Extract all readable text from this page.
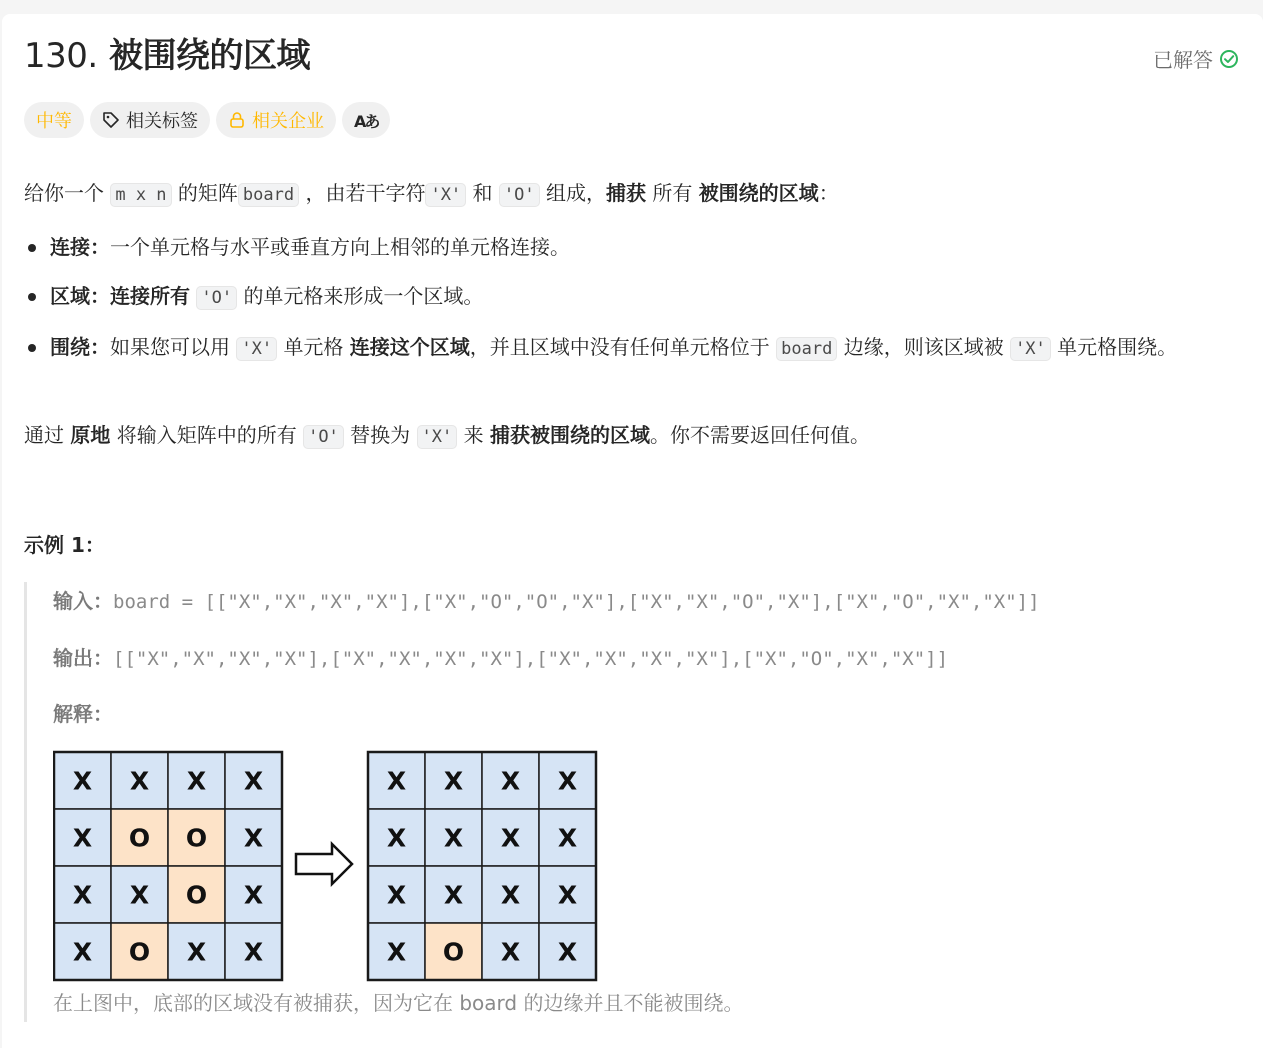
130. 被围绕的区域	已解答
中等	相关标签	相关企业 Aあ
给你一个 m x n 的矩阵 board ，由若干字符 'X' 和 'O' 组成，捕获 所有 被围绕的区域：
连接：一个单元格与水平或垂直方向上相邻的单元格连接。
区域：连接所有 'O' 的单元格来形成一个区域。
围绕：如果您可以用 'X' 单元格 连接这个区域，并且区域中没有任何单元格位于 board 边缘，则该区域被 'X' 单元格围绕。
通过 原地 将输入矩阵中的所有 'O' 替换为 'X' 来 捕获被围绕的区域。你不需要返回任何值。
示例 1：
输入：board = [["X","X","X","X"],["X","O","O","X"],["X","X","O","X"],["X","O","X","X"]]
输出：[["X","X","X","X"],["X","X","X","X"],["X","X","X","X"],["X","O","X","X"]]
解释：
X X X X
X O O X
X X O X
X O X X
X X X X
X X X X
X X X X
X O X X
在上图中，底部的区域没有被捕获，因为它在 board 的边缘并且不能被围绕。
